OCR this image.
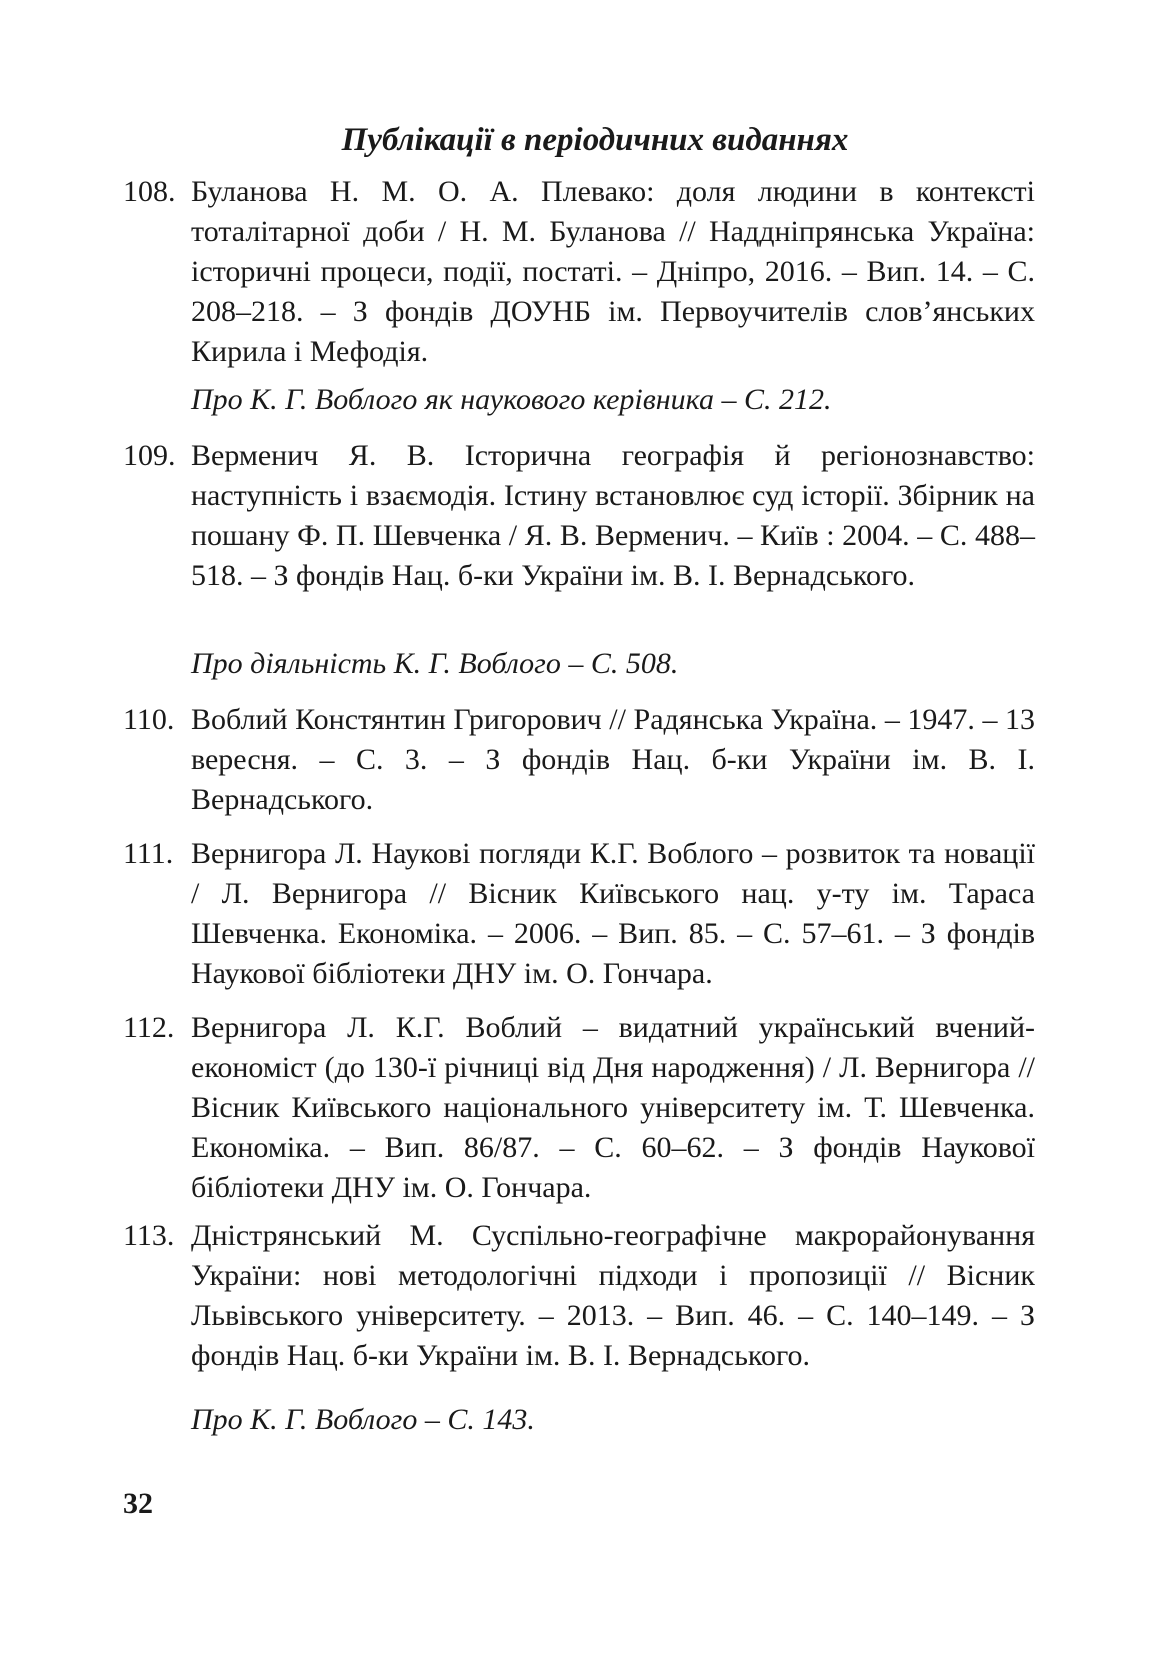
Публікації в періодичних виданнях
108. Буланова Н. М. О. А. Плевако: доля людини в контексті тоталітарної доби / Н. М. Буланова // Наддніпрянська Україна: історичні процеси, події, постаті. – Дніпро, 2016. – Вип. 14. – С. 208–218. – З фондів ДОУНБ ім. Первоучителів слов’янських Кирила і Мефодія.
Про К. Г. Воблого як наукового керівника – С. 212.
109. Верменич Я. В. Історична географія й регіонознавство: наступність і взаємодія. Істину встановлює суд історії. Збірник на пошану Ф. П. Шевченка / Я. В. Верменич. – Київ : 2004. – С. 488–518. – З фондів Нац. б-ки України ім. В. І. Вернадського.
Про діяльність К. Г. Воблого – С. 508.
110. Воблий Констянтин Григорович // Радянська Україна. – 1947. – 13 вересня. – С. 3. – З фондів Нац. б-ки України ім. В. І. Вернадського.
111. Вернигора Л. Наукові погляди К.Г. Воблого – розвиток та новації / Л. Вернигора // Вісник Київського нац. у-ту ім. Тараса Шевченка. Економіка. – 2006. – Вип. 85. – С. 57–61. – З фондів Наукової бібліотеки ДНУ ім. О. Гончара.
112. Вернигора Л. К.Г. Воблий – видатний український вчений-економіст (до 130-ї річниці від Дня народження) / Л. Вернигора // Вісник Київського національного університету ім. Т. Шевченка. Економіка. – Вип. 86/87. – С. 60–62. – З фондів Наукової бібліотеки ДНУ ім. О. Гончара.
113. Дністрянський М. Суспільно-географічне макрорайонування України: нові методологічні підходи і пропозиції // Вісник Львівського університету. – 2013. – Вип. 46. – С. 140–149. – З фондів Нац. б-ки України ім. В. І. Вернадського.
Про К. Г. Воблого – С. 143.
32
